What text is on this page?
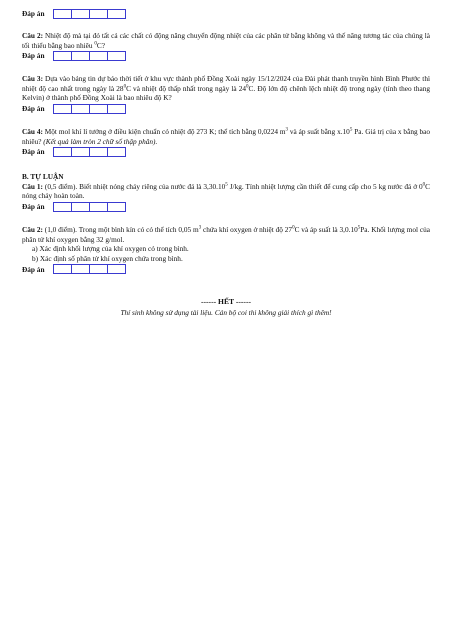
Đáp án
Câu 2: Nhiệt độ mà tại đó tất cả các chất có động năng chuyển động nhiệt của các phân tử bằng không và thế năng tương tác của chúng là tối thiểu bằng bao nhiêu $^0$C?
Đáp án
Câu 3: Dựa vào bảng tin dự báo thời tiết ở khu vực thành phố Đồng Xoài ngày 15/12/2024 của Đài phát thanh truyền hình Bình Phước thì nhiệt độ cao nhất trong ngày là $28^0C$ và nhiệt độ thấp nhất trong ngày là $24^0C$. Độ lớn độ chênh lệch nhiệt độ trong ngày (tính theo thang Kelvin) ở thành phố Đồng Xoài là bao nhiêu độ K?
Đáp án
Câu 4: Một mol khí lí tưởng ở điều kiện chuẩn có nhiệt độ 273 K; thể tích bằng 0,0224 $m^3$ và áp suất bằng $x.10^5$ Pa. Giá trị của x bằng bao nhiêu? (Kết quả làm tròn 2 chữ số thập phân).
Đáp án
B. TỰ LUẬN
Câu 1: (0,5 điểm). Biết nhiệt nóng chảy riêng của nước đá là 3,30.10$^5$ J/kg. Tính nhiệt lượng cần thiết để cung cấp cho 5 kg nước đá ở $0^0C$ nóng chảy hoàn toàn.
Đáp án
Câu 2: (1,0 điểm). Trong một bình kín có có thể tích 0,05 $m^3$ chứa khí oxygen ở nhiệt độ $27^0C$ và áp suất là 3,0.10$^5$Pa. Khối lượng mol của phân tử khí oxygen bằng 32 g/mol.
a) Xác định khối lượng của khí oxygen có trong bình.
b) Xác định số phân tử khí oxygen chứa trong bình.
Đáp án
------ HẾT ------
Thí sinh không sử dụng tài liệu. Cán bộ coi thi không giải thích gì thêm!
